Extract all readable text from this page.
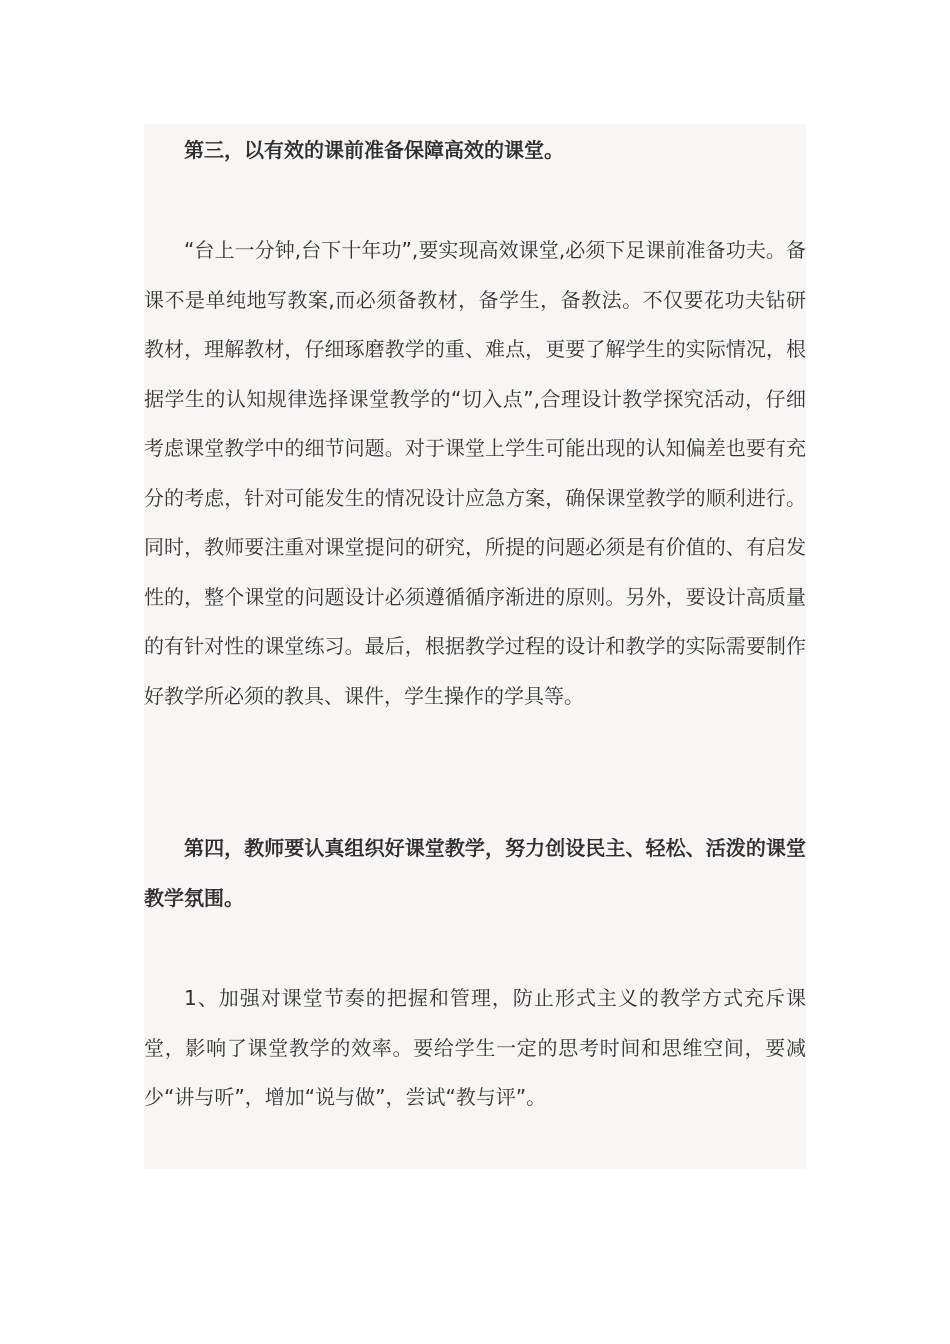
第三，以有效的课前准备保障高效的课堂。

“台上一分钟,台下十年功”,要实现高效课堂,必须下足课前准备功夫。备课不是单纯地写教案,而必须备教材，备学生，备教法。不仅要花功夫钻研教材，理解教材，仔细琢磨教学的重、难点，更要了解学生的实际情况，根据学生的认知规律选择课堂教学的“切入点”,合理设计教学探究活动，仔细考虑课堂教学中的细节问题。对于课堂上学生可能出现的认知偏差也要有充分的考虑，针对可能发生的情况设计应急方案，确保课堂教学的顺利进行。同时，教师要注重对课堂提问的研究，所提的问题必须是有价值的、有启发性的，整个课堂的问题设计必须遵循循序渐进的原则。另外，要设计高质量的有针对性的课堂练习。最后，根据教学过程的设计和教学的实际需要制作好教学所必须的教具、课件，学生操作的学具等。

第四，教师要认真组织好课堂教学，努力创设民主、轻松、活泼的课堂教学氛围。

1、加强对课堂节奏的把握和管理，防止形式主义的教学方式充斥课堂，影响了课堂教学的效率。要给学生一定的思考时间和思维空间，要减少“讲与听”，增加“说与做”，尝试“教与评”。
